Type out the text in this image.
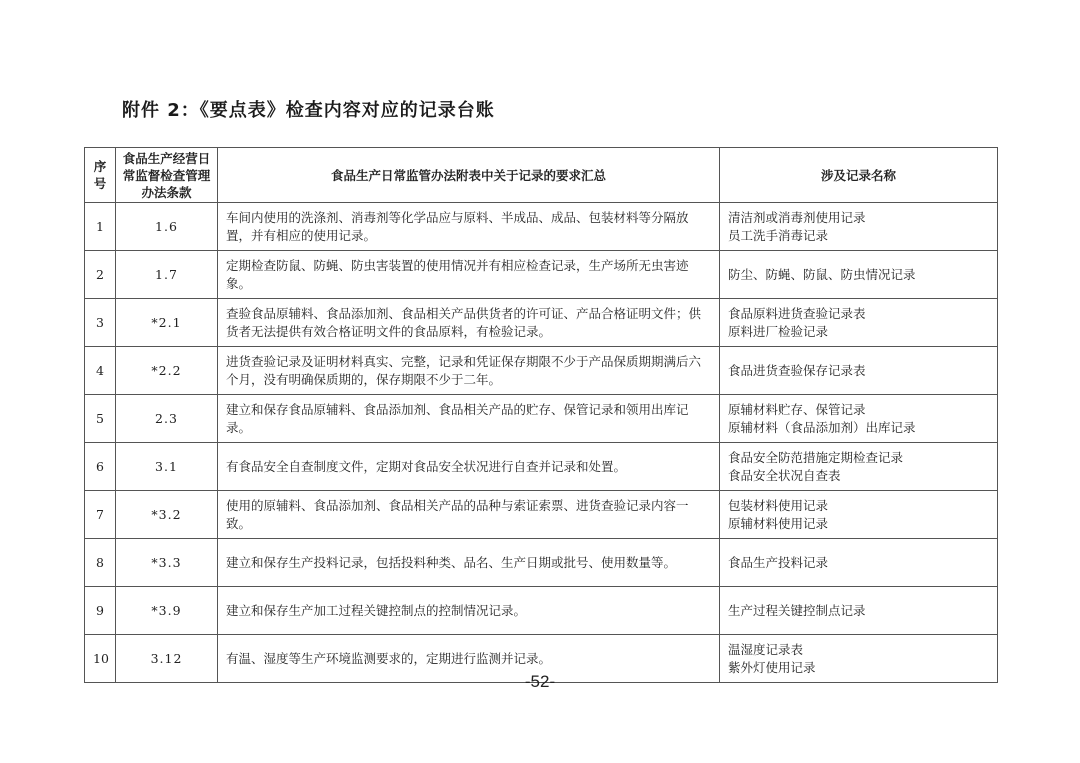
附件 2：《要点表》检查内容对应的记录台账
序号	食品生产经营日常监督检查管理办法条款	食品生产日常监管办法附表中关于记录的要求汇总	涉及记录名称
1	1.6	车间内使用的洗涤剂、消毒剂等化学品应与原料、半成品、成品、包装材料等分隔放置，并有相应的使用记录。	清洁剂或消毒剂使用记录
员工洗手消毒记录

2	1.7	定期检查防鼠、防蝇、防虫害装置的使用情况并有相应检查记录，生产场所无虫害迹象。	防尘、防蝇、防鼠、防虫情况记录

3	*2.1	查验食品原辅料、食品添加剂、食品相关产品供货者的许可证、产品合格证明文件；供货者无法提供有效合格证明文件的食品原料，有检验记录。	食品原料进货查验记录表
原料进厂检验记录

4	*2.2	进货查验记录及证明材料真实、完整，记录和凭证保存期限不少于产品保质期期满后六个月，没有明确保质期的，保存期限不少于二年。	食品进货查验保存记录表

5	2.3	建立和保存食品原辅料、食品添加剂、食品相关产品的贮存、保管记录和领用出库记录。	原辅材料贮存、保管记录
原辅材料（食品添加剂）出库记录

6	3.1	有食品安全自查制度文件，定期对食品安全状况进行自查并记录和处置。	食品安全防范措施定期检查记录
食品安全状况自查表

7	*3.2	使用的原辅料、食品添加剂、食品相关产品的品种与索证索票、进货查验记录内容一致。	包装材料使用记录
原辅材料使用记录

8	*3.3	建立和保存生产投料记录，包括投料种类、品名、生产日期或批号、使用数量等。	食品生产投料记录

9	*3.9	建立和保存生产加工过程关键控制点的控制情况记录。	生产过程关键控制点记录

10	3.12	有温、湿度等生产环境监测要求的，定期进行监测并记录。	温湿度记录表
紫外灯使用记录
-52-
